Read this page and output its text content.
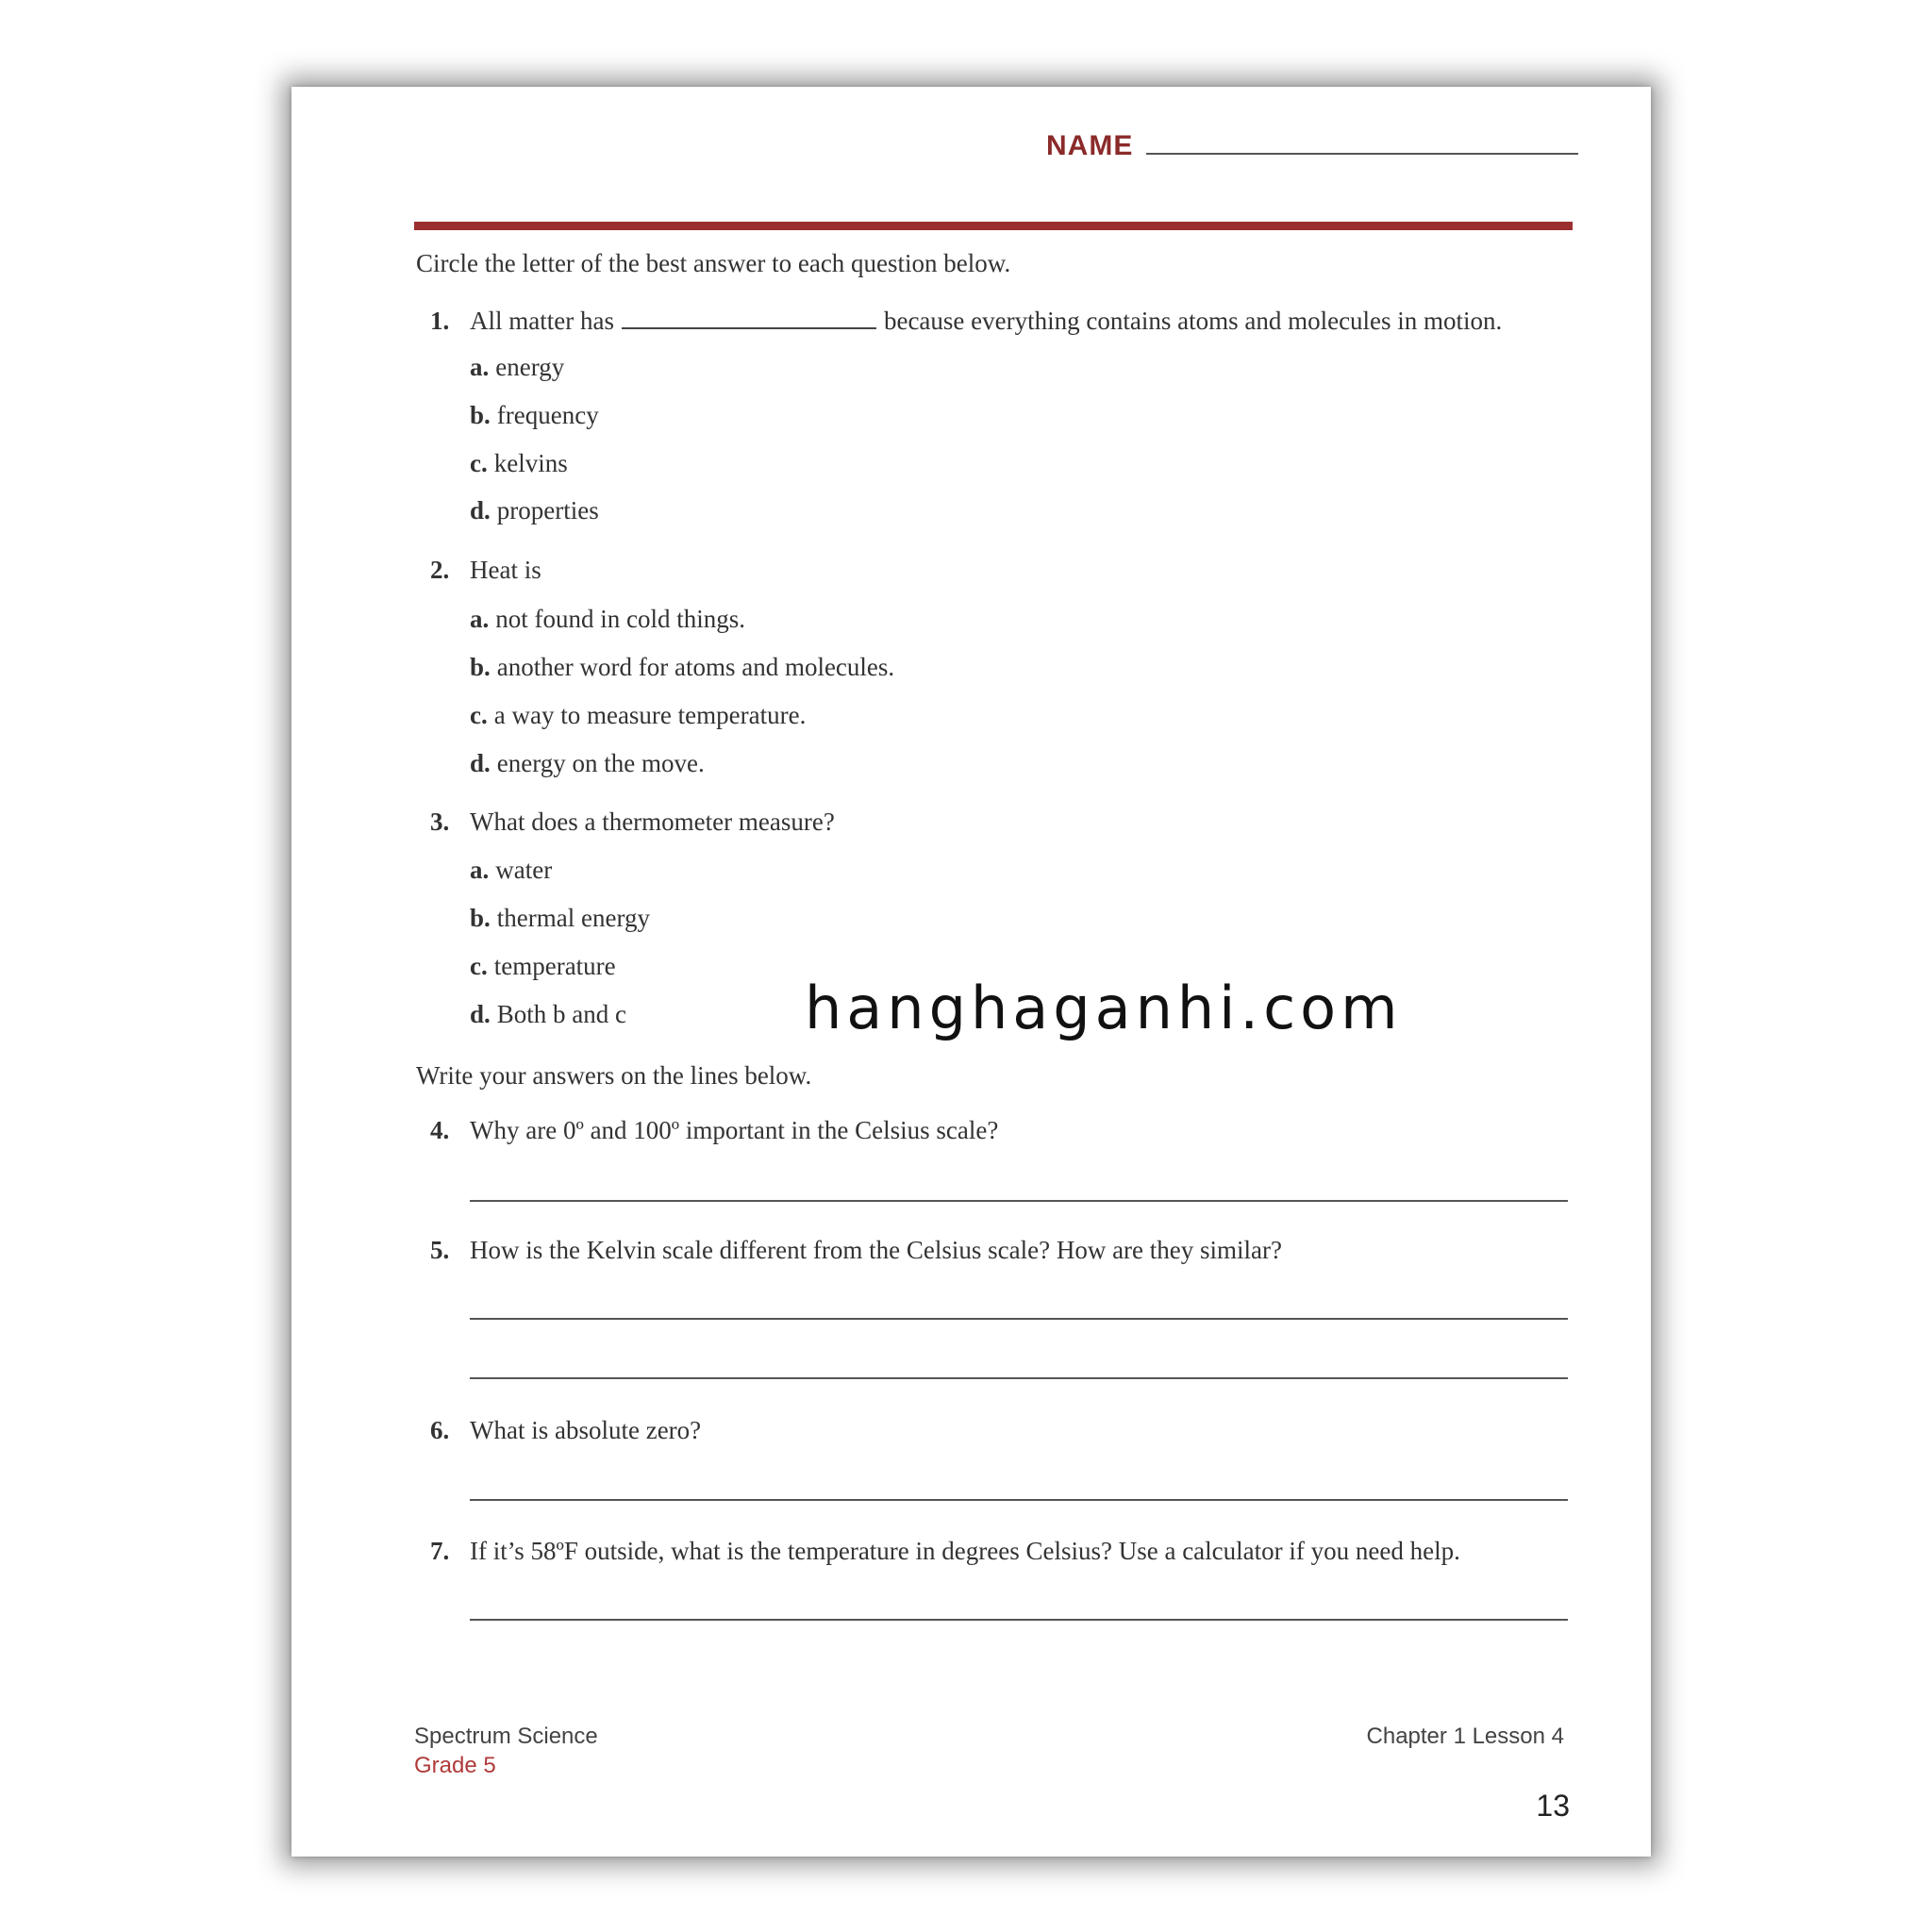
NAME
Circle the letter of the best answer to each question below.
1. All matter has	because everything contains atoms and molecules in motion.
a. energy
b. frequency
c. kelvins
d. properties
2. Heat is
a. not found in cold things.
b. another word for atoms and molecules.
c. a way to measure temperature.
d. energy on the move.
3. What does a thermometer measure?
a. water
b. thermal energy
c. temperature
d. Both b and c	hanghaganhi.com
Write your answers on the lines below.
4. Why are 0º and 100º important in the Celsius scale?
5. How is the Kelvin scale different from the Celsius scale? How are they similar?
6. What is absolute zero?
7. If it’s 58ºF outside, what is the temperature in degrees Celsius? Use a calculator if you need help.
Spectrum Science
Grade 5
Chapter 1 Lesson 4
13
